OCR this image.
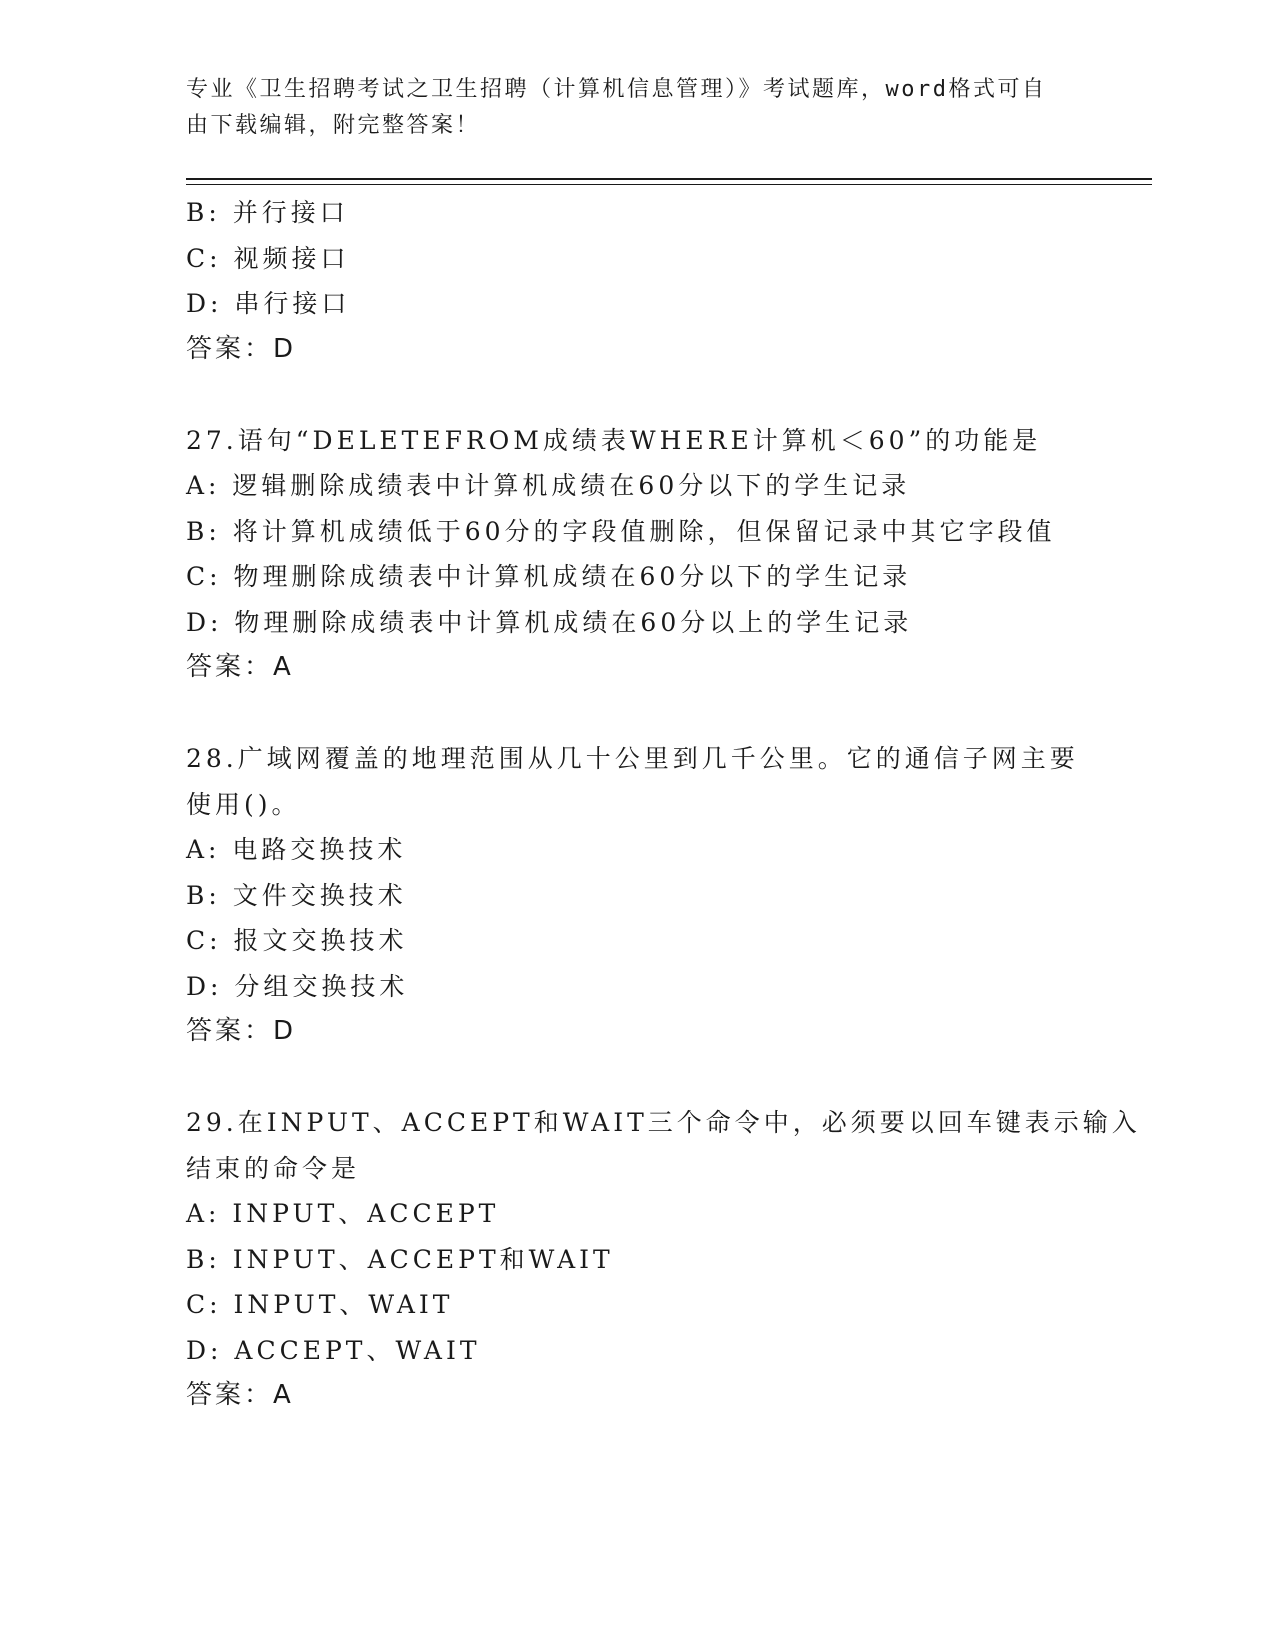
专业《卫生招聘考试之卫生招聘（计算机信息管理）》考试题库，word格式可自
由下载编辑，附完整答案！
B: 并行接口
C: 视频接口
D: 串行接口
答案：D
27.语句“DELETEFROM成绩表WHERE计算机＜60”的功能是
A: 逻辑删除成绩表中计算机成绩在60分以下的学生记录
B: 将计算机成绩低于60分的字段值删除，但保留记录中其它字段值
C: 物理删除成绩表中计算机成绩在60分以下的学生记录
D: 物理删除成绩表中计算机成绩在60分以上的学生记录
答案：A
28.广域网覆盖的地理范围从几十公里到几千公里。它的通信子网主要
使用()。
A: 电路交换技术
B: 文件交换技术
C: 报文交换技术
D: 分组交换技术
答案：D
29.在INPUT、ACCEPT和WAIT三个命令中，必须要以回车键表示输入
结束的命令是
A: INPUT、ACCEPT
B: INPUT、ACCEPT和WAIT
C: INPUT、WAIT
D: ACCEPT、WAIT
答案：A
